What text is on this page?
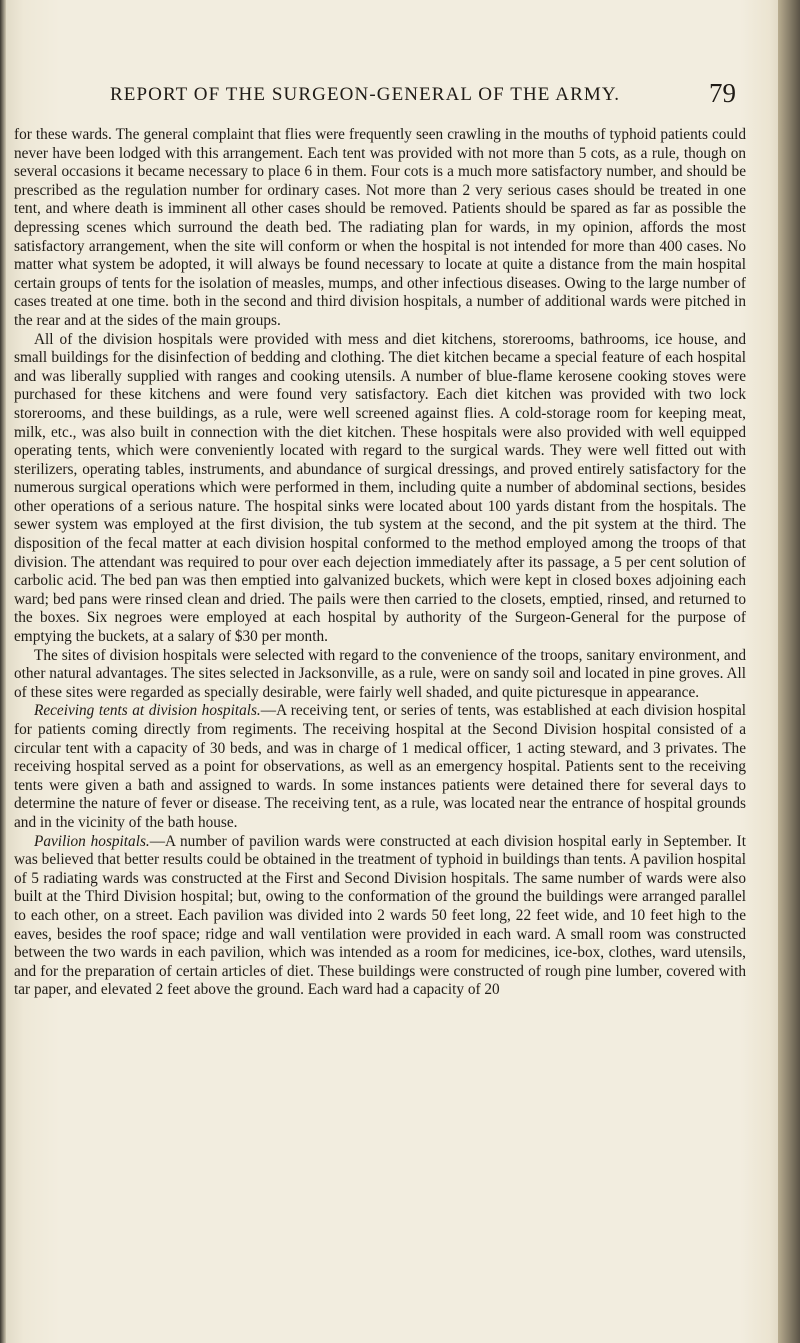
REPORT OF THE SURGEON-GENERAL OF THE ARMY.	79

for these wards. The general complaint that flies were frequently seen crawling in the mouths of typhoid patients could never have been lodged with this arrangement. Each tent was provided with not more than 5 cots, as a rule, though on several occasions it became necessary to place 6 in them. Four cots is a much more satisfactory number, and should be prescribed as the regulation number for ordinary cases. Not more than 2 very serious cases should be treated in one tent, and where death is imminent all other cases should be removed. Patients should be spared as far as possible the depressing scenes which surround the death bed. The radiating plan for wards, in my opinion, affords the most satisfactory arrangement, when the site will conform or when the hospital is not intended for more than 400 cases. No matter what system be adopted, it will always be found necessary to locate at quite a distance from the main hospital certain groups of tents for the isolation of measles, mumps, and other infectious diseases. Owing to the large number of cases treated at one time. both in the second and third division hospitals, a number of additional wards were pitched in the rear and at the sides of the main groups.

All of the division hospitals were provided with mess and diet kitchens, storerooms, bathrooms, ice house, and small buildings for the disinfection of bedding and clothing. The diet kitchen became a special feature of each hospital and was liberally supplied with ranges and cooking utensils. A number of blue-flame kerosene cooking stoves were purchased for these kitchens and were found very satisfactory. Each diet kitchen was provided with two lock storerooms, and these buildings, as a rule, were well screened against flies. A cold-storage room for keeping meat, milk, etc., was also built in connection with the diet kitchen. These hospitals were also provided with well equipped operating tents, which were conveniently located with regard to the surgical wards. They were well fitted out with sterilizers, operating tables, instruments, and abundance of surgical dressings, and proved entirely satisfactory for the numerous surgical operations which were performed in them, including quite a number of abdominal sections, besides other operations of a serious nature. The hospital sinks were located about 100 yards distant from the hospitals. The sewer system was employed at the first division, the tub system at the second, and the pit system at the third. The disposition of the fecal matter at each division hospital conformed to the method employed among the troops of that division. The attendant was required to pour over each dejection immediately after its passage, a 5 per cent solution of carbolic acid. The bed pan was then emptied into galvanized buckets, which were kept in closed boxes adjoining each ward; bed pans were rinsed clean and dried. The pails were then carried to the closets, emptied, rinsed, and returned to the boxes. Six negroes were employed at each hospital by authority of the Surgeon-General for the purpose of emptying the buckets, at a salary of $30 per month.

The sites of division hospitals were selected with regard to the convenience of the troops, sanitary environment, and other natural advantages. The sites selected in Jacksonville, as a rule, were on sandy soil and located in pine groves. All of these sites were regarded as specially desirable, were fairly well shaded, and quite picturesque in appearance.

Receiving tents at division hospitals.—A receiving tent, or series of tents, was established at each division hospital for patients coming directly from regiments. The receiving hospital at the Second Division hospital consisted of a circular tent with a capacity of 30 beds, and was in charge of 1 medical officer, 1 acting steward, and 3 privates. The receiving hospital served as a point for observations, as well as an emergency hospital. Patients sent to the receiving tents were given a bath and assigned to wards. In some instances patients were detained there for several days to determine the nature of fever or disease. The receiving tent, as a rule, was located near the entrance of hospital grounds and in the vicinity of the bath house.

Pavilion hospitals.—A number of pavilion wards were constructed at each division hospital early in September. It was believed that better results could be obtained in the treatment of typhoid in buildings than tents. A pavilion hospital of 5 radiating wards was constructed at the First and Second Division hospitals. The same number of wards were also built at the Third Division hospital; but, owing to the conformation of the ground the buildings were arranged parallel to each other, on a street. Each pavilion was divided into 2 wards 50 feet long, 22 feet wide, and 10 feet high to the eaves, besides the roof space; ridge and wall ventilation were provided in each ward. A small room was constructed between the two wards in each pavilion, which was intended as a room for medicines, ice-box, clothes, ward utensils, and for the preparation of certain articles of diet. These buildings were constructed of rough pine lumber, covered with tar paper, and elevated 2 feet above the ground. Each ward had a capacity of 20
